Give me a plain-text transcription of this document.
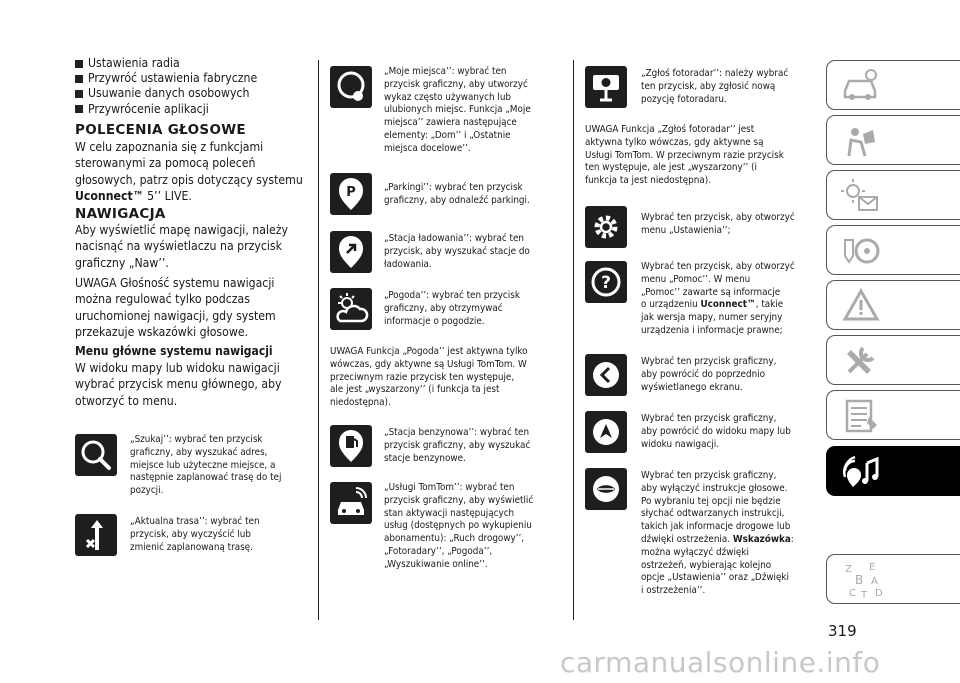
Ustawienia radia
Przywróć ustawienia fabryczne
Usuwanie danych osobowych
Przywrócenie aplikacji
POLECENIA GŁOSOWE
W celu zapoznania się z funkcjami
sterowanymi za pomocą poleceń
głosowych, patrz opis dotyczący systemu
Uconnect™ 5’’ LIVE.
NAWIGACJA
Aby wyświetlić mapę nawigacji, należy
nacisnąć na wyświetlaczu na przycisk
graficzny „Naw’’.
UWAGA Głośność systemu nawigacji
można regulować tylko podczas
uruchomionej nawigacji, gdy system
przekazuje wskazówki głosowe.
Menu główne systemu nawigacji
W widoku mapy lub widoku nawigacji
wybrać przycisk menu głównego, aby
otworzyć to menu.
„Szukaj’’: wybrać ten przycisk
graficzny, aby wyszukać adres,
miejsce lub użyteczne miejsce, a
następnie zaplanować trasę do tej
pozycji.
„Aktualna trasa’’: wybrać ten
przycisk, aby wyczyścić lub
zmienić zaplanowaną trasę.
„Moje miejsca’’: wybrać ten
przycisk graficzny, aby utworzyć
wykaz często używanych lub
ulubionych miejsc. Funkcja „Moje
miejsca’’ zawiera następujące
elementy: „Dom’’ i „Ostatnie
miejsca docelowe’’.
P	„Parkingi’’: wybrać ten przycisk
graficzny, aby odnaleźć parkingi.
„Stacja ładowania’’: wybrać ten
przycisk, aby wyszukać stacje do
ładowania.
„Pogoda’’: wybrać ten przycisk
graficzny, aby otrzymywać
informacje o pogodzie.
UWAGA Funkcja „Pogoda’’ jest aktywna tylko
wówczas, gdy aktywne są Usługi TomTom. W
przeciwnym razie przycisk ten występuje,
ale jest „wyszarzony’’ (i funkcja ta jest
niedostępna).
„Stacja benzynowa’’: wybrać ten
przycisk graficzny, aby wyszukać
stacje benzynowe.
„Usługi TomTom’’: wybrać ten
przycisk graficzny, aby wyświetlić
stan aktywacji następujących
usług (dostępnych po wykupieniu
abonamentu): „Ruch drogowy’’,
„Fotoradary’’, „Pogoda’’,
„Wyszukiwanie online’’.
„Zgłoś fotoradar’’: należy wybrać
ten przycisk, aby zgłosić nową
pozycję fotoradaru.
UWAGA Funkcja „Zgłoś fotoradar’’ jest
aktywna tylko wówczas, gdy aktywne są
Usługi TomTom. W przeciwnym razie przycisk
ten występuje, ale jest „wyszarzony’’ (i
funkcja ta jest niedostępna).
Wybrać ten przycisk, aby otworzyć
menu „Ustawienia’’;
?
Wybrać ten przycisk, aby otworzyć
menu „Pomoc’’. W menu
„Pomoc’’ zawarte są informacje
o urządzeniu Uconnect™, takie
jak wersja mapy, numer seryjny
urządzenia i informacje prawne;
Wybrać ten przycisk graficzny,
aby powrócić do poprzednio
wyświetlanego ekranu.
Wybrać ten przycisk graficzny,
aby powrócić do widoku mapy lub
widoku nawigacji.
Wybrać ten przycisk graficzny,
aby wyłączyć instrukcje głosowe.
Po wybraniu tej opcji nie będzie
słychać odtwarzanych instrukcji,
takich jak informacje drogowe lub
dźwięki ostrzeżenia. Wskazówka:
można wyłączyć dźwięki
ostrzeżeń, wybierając kolejno
opcje „Ustawienia’’ oraz „Dźwięki
i ostrzeżenia’’.
Z E
B A
C D
T
319
carmanualsonline.info
